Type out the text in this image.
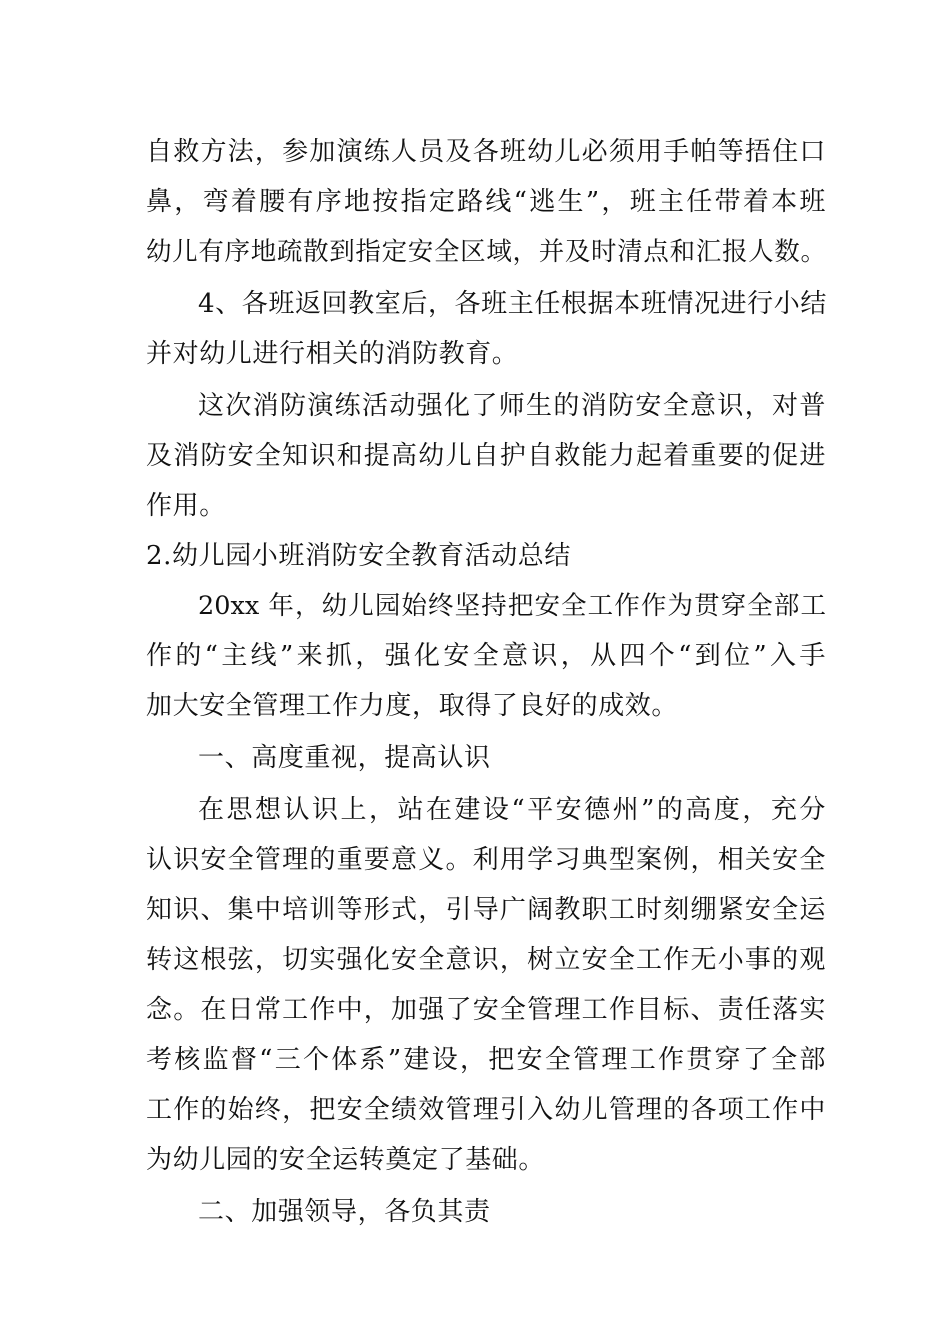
自救方法，参加演练人员及各班幼儿必须用手帕等捂住口
鼻，弯着腰有序地按指定路线“逃生”，班主任带着本班
幼儿有序地疏散到指定安全区域，并及时清点和汇报人数。
4、各班返回教室后，各班主任根据本班情况进行小结
并对幼儿进行相关的消防教育。
这次消防演练活动强化了师生的消防安全意识，对普
及消防安全知识和提高幼儿自护自救能力起着重要的促进
作用。
2.幼儿园小班消防安全教育活动总结
20xx 年，幼儿园始终坚持把安全工作作为贯穿全部工
作的“主线”来抓，强化安全意识，从四个“到位”入手
加大安全管理工作力度，取得了良好的成效。
一、高度重视，提高认识
在思想认识上，站在建设“平安德州”的高度，充分
认识安全管理的重要意义。利用学习典型案例，相关安全
知识、集中培训等形式，引导广阔教职工时刻绷紧安全运
转这根弦，切实强化安全意识，树立安全工作无小事的观
念。在日常工作中，加强了安全管理工作目标、责任落实
考核监督“三个体系”建设，把安全管理工作贯穿了全部
工作的始终，把安全绩效管理引入幼儿管理的各项工作中
为幼儿园的安全运转奠定了基础。
二、加强领导，各负其责
